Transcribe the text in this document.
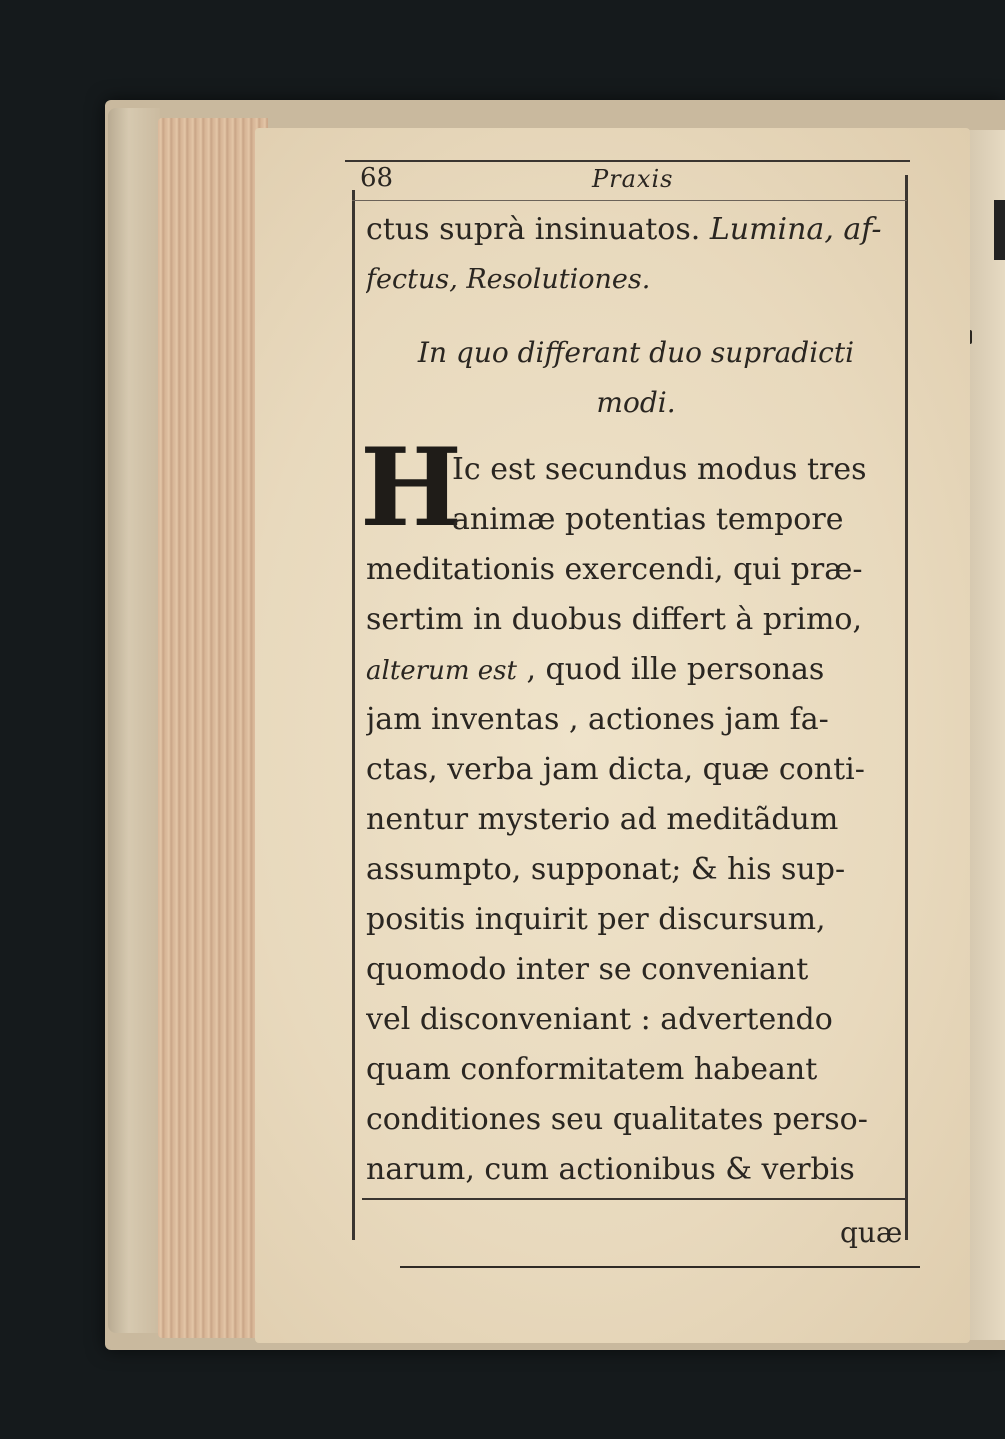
68	Praxis
ctus suprà insinuatos. Lumina, af-
fectus, Resolutiones.
In quo differant duo supradicti
modi.
H
Ic est secundus modus tres
animæ potentias tempore
meditationis exercendi, qui præ-
sertim in duobus differt à primo,
alterum est , quod ille personas
jam inventas , actiones jam fa-
ctas, verba jam dicta, quæ conti-
nentur mysterio ad meditãdum
assumpto, supponat; & his sup-
positis inquirit per discursum,
quomodo inter se conveniant
vel disconveniant : advertendo
quam conformitatem habeant
conditiones seu qualitates perso-
narum, cum actionibus & verbis
quæ
